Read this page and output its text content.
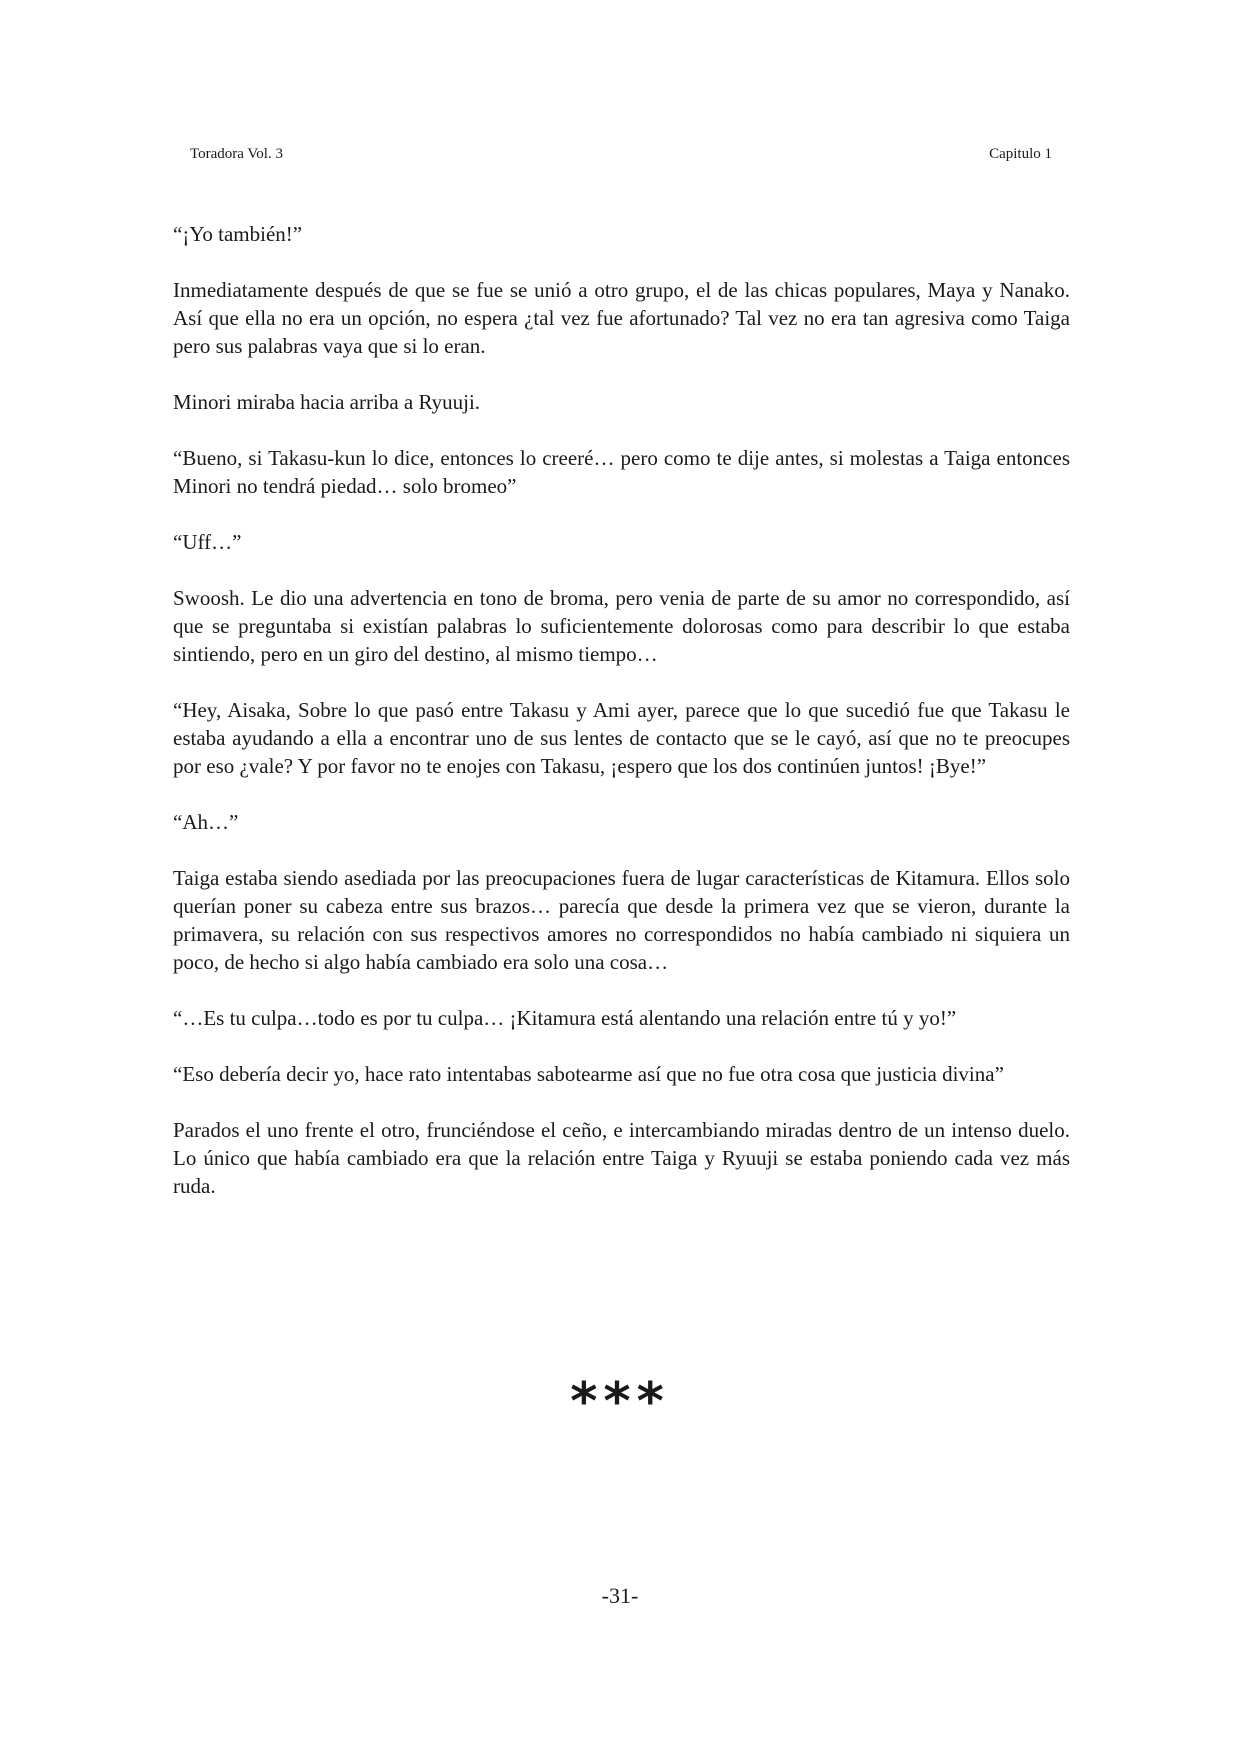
Toradora Vol. 3	Capitulo 1

“¡Yo también!”

Inmediatamente después de que se fue se unió a otro grupo, el de las chicas populares, Maya y Nanako. Así que ella no era un opción, no espera ¿tal vez fue afortunado? Tal vez no era tan agresiva como Taiga pero sus palabras vaya que si lo eran.

Minori miraba hacia arriba a Ryuuji.

“Bueno, si Takasu-kun lo dice, entonces lo creeré… pero como te dije antes, si molestas a Taiga entonces Minori no tendrá piedad… solo bromeo”

“Uff…”

Swoosh. Le dio una advertencia en tono de broma, pero venia de parte de su amor no correspondido, así que se preguntaba si existían palabras lo suficientemente dolorosas como para describir lo que estaba sintiendo, pero en un giro del destino, al mismo tiempo…

“Hey, Aisaka, Sobre lo que pasó entre Takasu y Ami ayer, parece que lo que sucedió fue que Takasu le estaba ayudando a ella a encontrar uno de sus lentes de contacto que se le cayó, así que no te preocupes por eso ¿vale? Y por favor no te enojes con Takasu, ¡espero que los dos continúen juntos! ¡Bye!”

“Ah…”

Taiga estaba siendo asediada por las preocupaciones fuera de lugar características de Kitamura. Ellos solo querían poner su cabeza entre sus brazos… parecía que desde la primera vez que se vieron, durante la primavera, su relación con sus respectivos amores no correspondidos no había cambiado ni siquiera un poco, de hecho si algo había cambiado era solo una cosa…

“…Es tu culpa…todo es por tu culpa… ¡Kitamura está alentando una relación entre tú y yo!”

“Eso debería decir yo, hace rato intentabas sabotearme así que no fue otra cosa que justicia divina”

Parados el uno frente el otro, frunciéndose el ceño, e intercambiando miradas dentro de un intenso duelo. Lo único que había cambiado era que la relación entre Taiga y Ryuuji se estaba poniendo cada vez más ruda.

***
-31-
